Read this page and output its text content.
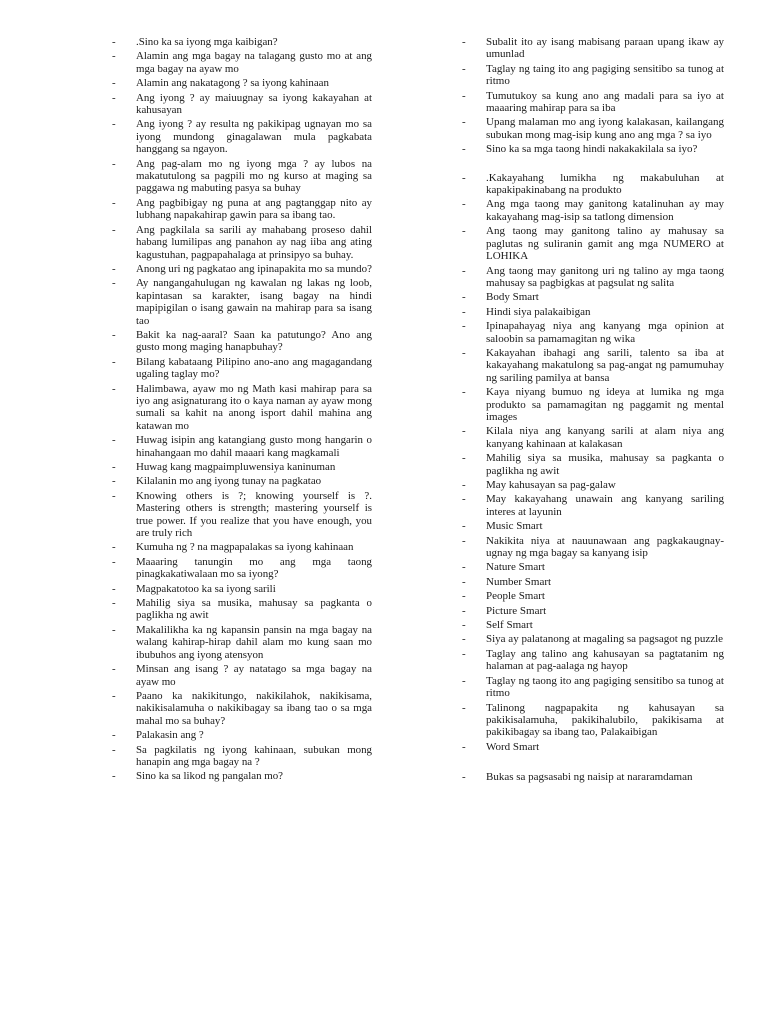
- .Sino ka sa iyong mga kaibigan?
- Alamin ang mga bagay na talagang gusto mo at ang mga bagay na ayaw mo
- Alamin ang nakatagong ? sa iyong kahinaan
- Ang iyong ? ay maiuugnay sa iyong kakayahan at kahusayan
- Ang iyong ? ay resulta ng pakikipag ugnayan mo sa iyong mundong ginagalawan mula pagkabata hanggang sa ngayon.
- Ang pag-alam mo ng iyong mga ? ay lubos na makatutulong sa pagpili mo ng kurso at maging sa paggawa ng mabuting pasya sa buhay
- Ang pagbibigay ng puna at ang pagtanggap nito ay lubhang napakahirap gawin para sa ibang tao.
- Ang pagkilala sa sarili ay mahabang proseso dahil habang lumilipas ang panahon ay nag iiba ang ating kagustuhan, pagpapahalaga at prinsipyo sa buhay.
- Anong uri ng pagkatao ang ipinapakita mo sa mundo?
- Ay nangangahulugan ng kawalan ng lakas ng loob, kapintasan sa karakter, isang bagay na hindi mapipigilan o isang gawain na mahirap para sa isang tao
- Bakit ka nag-aaral? Saan ka patutungo? Ano ang gusto mong maging hanapbuhay?
- Bilang kabataang Pilipino ano-ano ang magagandang ugaling taglay mo?
- Halimbawa, ayaw mo ng Math kasi mahirap para sa iyo ang asignaturang ito o kaya naman ay ayaw mong sumali sa kahit na anong isport dahil mahina ang katawan mo
- Huwag isipin ang katangiang gusto mong hangarin o hinahangaan mo dahil maaari kang magkamali
- Huwag kang magpaimpluwensiya kaninuman
- Kilalanin mo ang iyong tunay na pagkatao
- Knowing others is ?; knowing yourself is ?. Mastering others is strength; mastering yourself is true power. If you realize that you have enough, you are truly rich
- Kumuha ng ? na magpapalakas sa iyong kahinaan
- Maaaring tanungin mo ang mga taong pinagkakatiwalaan mo sa iyong?
- Magpakatotoo ka sa iyong sarili
- Mahilig siya sa musika, mahusay sa pagkanta o paglikha ng awit
- Makalilikha ka ng kapansin pansin na mga bagay na walang kahirap-hirap dahil alam mo kung saan mo ibubuhos ang iyong atensyon
- Minsan ang isang ? ay natatago sa mga bagay na ayaw mo
- Paano ka nakikitungo, nakikilahok, nakikisama, nakikisalamuha o nakikibagay sa ibang tao o sa mga mahal mo sa buhay?
- Palakasin ang ?
- Sa pagkilatis ng iyong kahinaan, subukan mong hanapin ang mga bagay na ?
- Sino ka sa likod ng pangalan mo?
- Subalit ito ay isang mabisang paraan upang ikaw ay umunlad
- Taglay ng taing ito ang pagiging sensitibo sa tunog at ritmo
- Tumutukoy sa kung ano ang madali para sa iyo at maaaring mahirap para sa iba
- Upang malaman mo ang iyong kalakasan, kailangang subukan mong mag-isip kung ano ang mga ? sa iyo
- Sino ka sa mga taong hindi nakakakilala sa iyo?
- .Kakayahang lumikha ng makabuluhan at kapakipakinabang na produkto
- Ang mga taong may ganitong katalinuhan ay may kakayahang mag-isip sa tatlong dimension
- Ang taong may ganitong talino ay mahusay sa paglutas ng suliranin gamit ang mga NUMERO at LOHIKA
- Ang taong may ganitong uri ng talino ay mga taong mahusay sa pagbigkas at pagsulat ng salita
- Body Smart
- Hindi siya palakaibigan
- Ipinapahayag niya ang kanyang mga opinion at saloobin sa pamamagitan ng wika
- Kakayahan ibahagi ang sarili, talento sa iba at kakayahang makatulong sa pag-angat ng pamumuhay ng sariling pamilya at bansa
- Kaya niyang bumuo ng ideya at lumika ng mga produkto sa pamamagitan ng paggamit ng mental images
- Kilala niya ang kanyang sarili at alam niya ang kanyang kahinaan at kalakasan
- Mahilig siya sa musika, mahusay sa pagkanta o paglikha ng awit
- May kahusayan sa pag-galaw
- May kakayahang unawain ang kanyang sariling interes at layunin
- Music Smart
- Nakikita niya at nauunawaan ang pagkakaugnay-ugnay ng mga bagay sa kanyang isip
- Nature Smart
- Number Smart
- People Smart
- Picture Smart
- Self Smart
- Siya ay palatanong at magaling sa pagsagot ng puzzle
- Taglay ang talino ang kahusayan sa pagtatanim ng halaman at pag-aalaga ng hayop
- Taglay ng taong ito ang pagiging sensitibo sa tunog at ritmo
- Talinong nagpapakita ng kahusayan sa pakikisalamuha, pakikihalubilo, pakikisama at pakikibagay sa ibang tao, Palakaibigan
- Word Smart
- Bukas sa pagsasabi ng naisip at nararamdaman
